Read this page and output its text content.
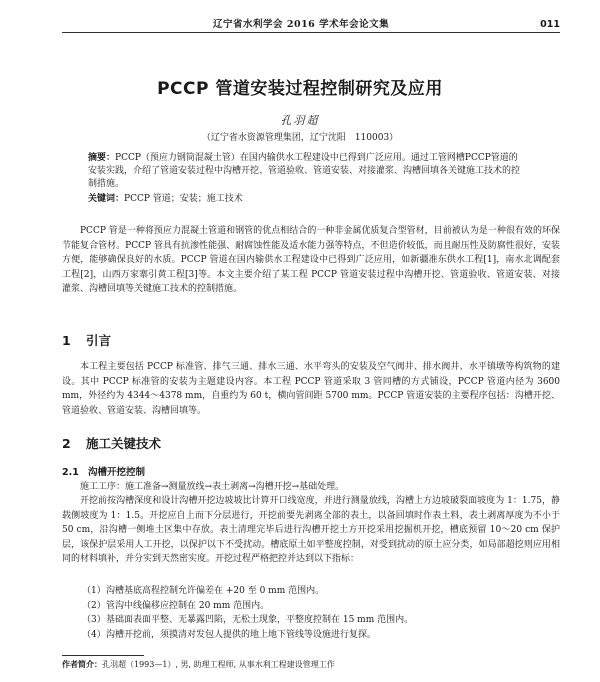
辽宁省水利学会 2016 学术年会论文集	011
PCCP 管道安装过程控制研究及应用
孔羽超
（辽宁省水资源管理集团，辽宁沈阳　110003）
摘要：PCCP（预应力钢筒混凝土管）在国内输供水工程建设中已得到广泛应用。通过工管网槽PCCP管道的安装实践，介绍了管道安装过程中沟槽开挖、管道验收、管道安装、对接灌浆、沟槽回填各关键施工技术的控制措施。
关键词：PCCP 管道；安装；施工技术
PCCP 管是一种将预应力混凝土管道和钢管的优点相结合的一种非金属优质复合型管材，目前被认为是一种很有效的环保节能复合管材。PCCP 管具有抗渗性能强、耐腐蚀性能及适水能力强等特点，不但造价较低，而且耐压性及防腐性很好，安装方便，能够确保良好的水质。PCCP 管道在国内输供水工程建设中已得到广泛应用，如新疆准东供水工程[1]，南水北调配套工程[2]，山西万家寨引黄工程[3]等。本文主要介绍了某工程 PCCP 管道安装过程中沟槽开挖、管道验收、管道安装、对接灌浆、沟槽回填等关键施工技术的控制措施。
1 引言
本工程主要包括 PCCP 标准管、排气三通、排水三通、水平弯头的安装及空气阀井、排水阀井、水平镇墩等构筑物的建设。其中 PCCP 标准管的安装为主题建设内容。本工程 PCCP 管道采取 3 管同槽的方式铺设，PCCP 管道内径为 3600 mm，外径约为 4344～4378 mm，自重约为 60 t，横向管间距 5700 mm。PCCP 管道安装的主要程序包括：沟槽开挖、管道验收、管道安装、沟槽回填等。
2 施工关键技术
2.1 沟槽开挖控制
施工工序：施工准备→测量放线→表土剥离→沟槽开挖→基础处理。
开挖前按沟槽深度和设计沟槽开挖边坡坡比计算开口线宽度，并进行测量放线，沟槽上方边坡破裂面坡度为 1：1.75，静载侧坡度为 1：1.5。开挖应自上而下分层进行，开挖前要先剥离全部的表土，以备回填时作表土料，表土剥离厚度为不小于 50 cm，沿沟槽一侧堆土区集中存放。表土清理完毕后进行沟槽开挖土方开挖采用挖掘机开挖，槽底预留 10～20 cm 保护层，该保护层采用人工开挖，以保护以下不受扰动。槽底原土如平整度控制，对受到扰动的原土应分类，如局部超挖则应用相同的材料填补，并分实到天然密实度。开挖过程严格把控并达到以下指标：
（1） 沟槽基底高程控制允许偏差在 +20 至 0 mm 范围内。
（2） 管沟中线偏移应控制在 20 mm 范围内。
（3） 基础面表面平整、无暴露凹陷，无松土现象，平整度控制在 15 mm 范围内。
（4） 沟槽开挖前，须摸清对发包人提供的地上地下管线等设施进行复探。
作者简介：孔羽超（1993—1）, 男, 助理工程师, 从事水利工程建设管理工作
